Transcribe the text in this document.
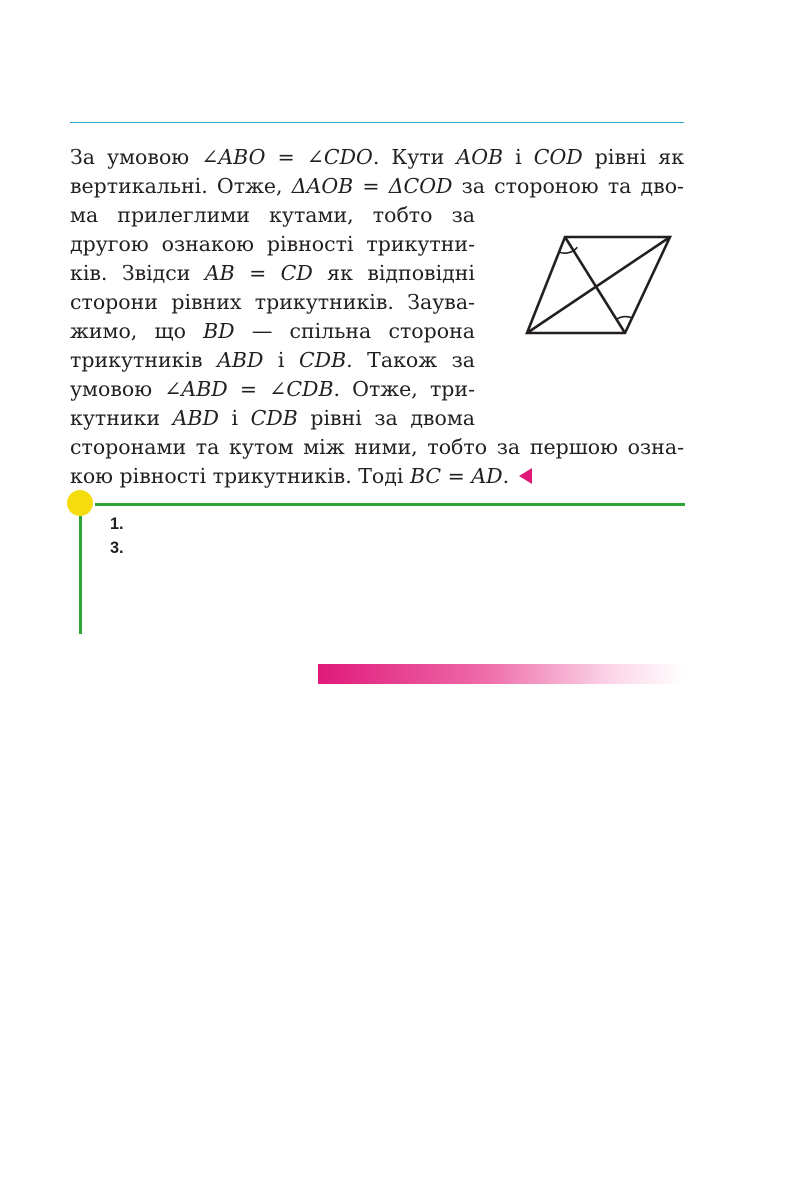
За умовою ∠ABO = ∠CDO. Кути AOB і COD рівні як
вертикальні. Отже, ΔAOB = ΔCOD за стороною та дво-
ма прилеглими кутами, тобто за
другою ознакою рівності трикутни-
ків. Звідси AB = CD як відповідні
сторони рівних трикутників. Заува-
жимо, що BD — спільна сторона
трикутників ABD і CDB. Також за
умовою ∠ABD = ∠CDB. Отже, три-
кутники ABD і CDB рівні за двома
сторонами та кутом між ними, тобто за першою озна-
кою рівності трикутників. Тоді BC = AD.
1.
3.
